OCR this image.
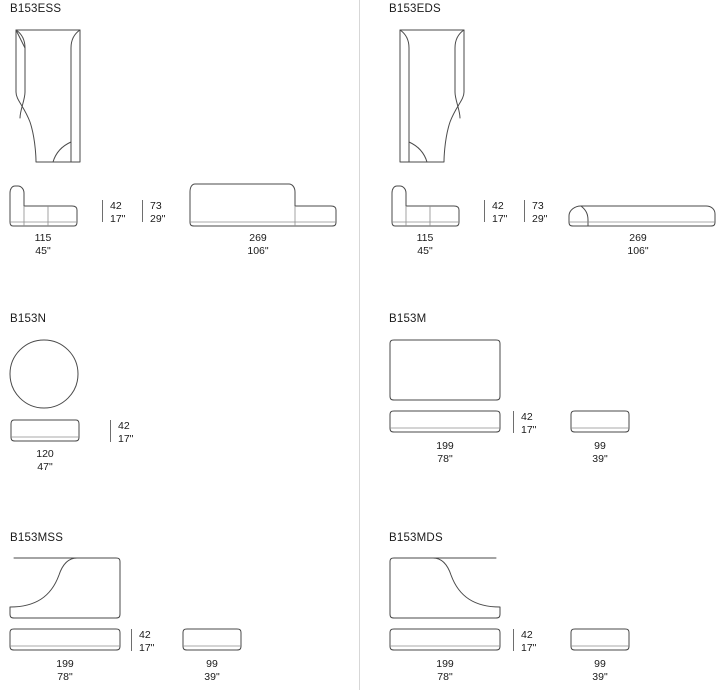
B153ESS
115
45"
42
17"
73
29"
269
106"
B153EDS
115
45"
42
17"
73
29"
269
106"
B153N
120
47"
42
17"
B153M
199
78"
42
17"
99
39"
B153MSS
199
78"
42
17"
99
39"
B153MDS
199
78"
42
17"
99
39"
